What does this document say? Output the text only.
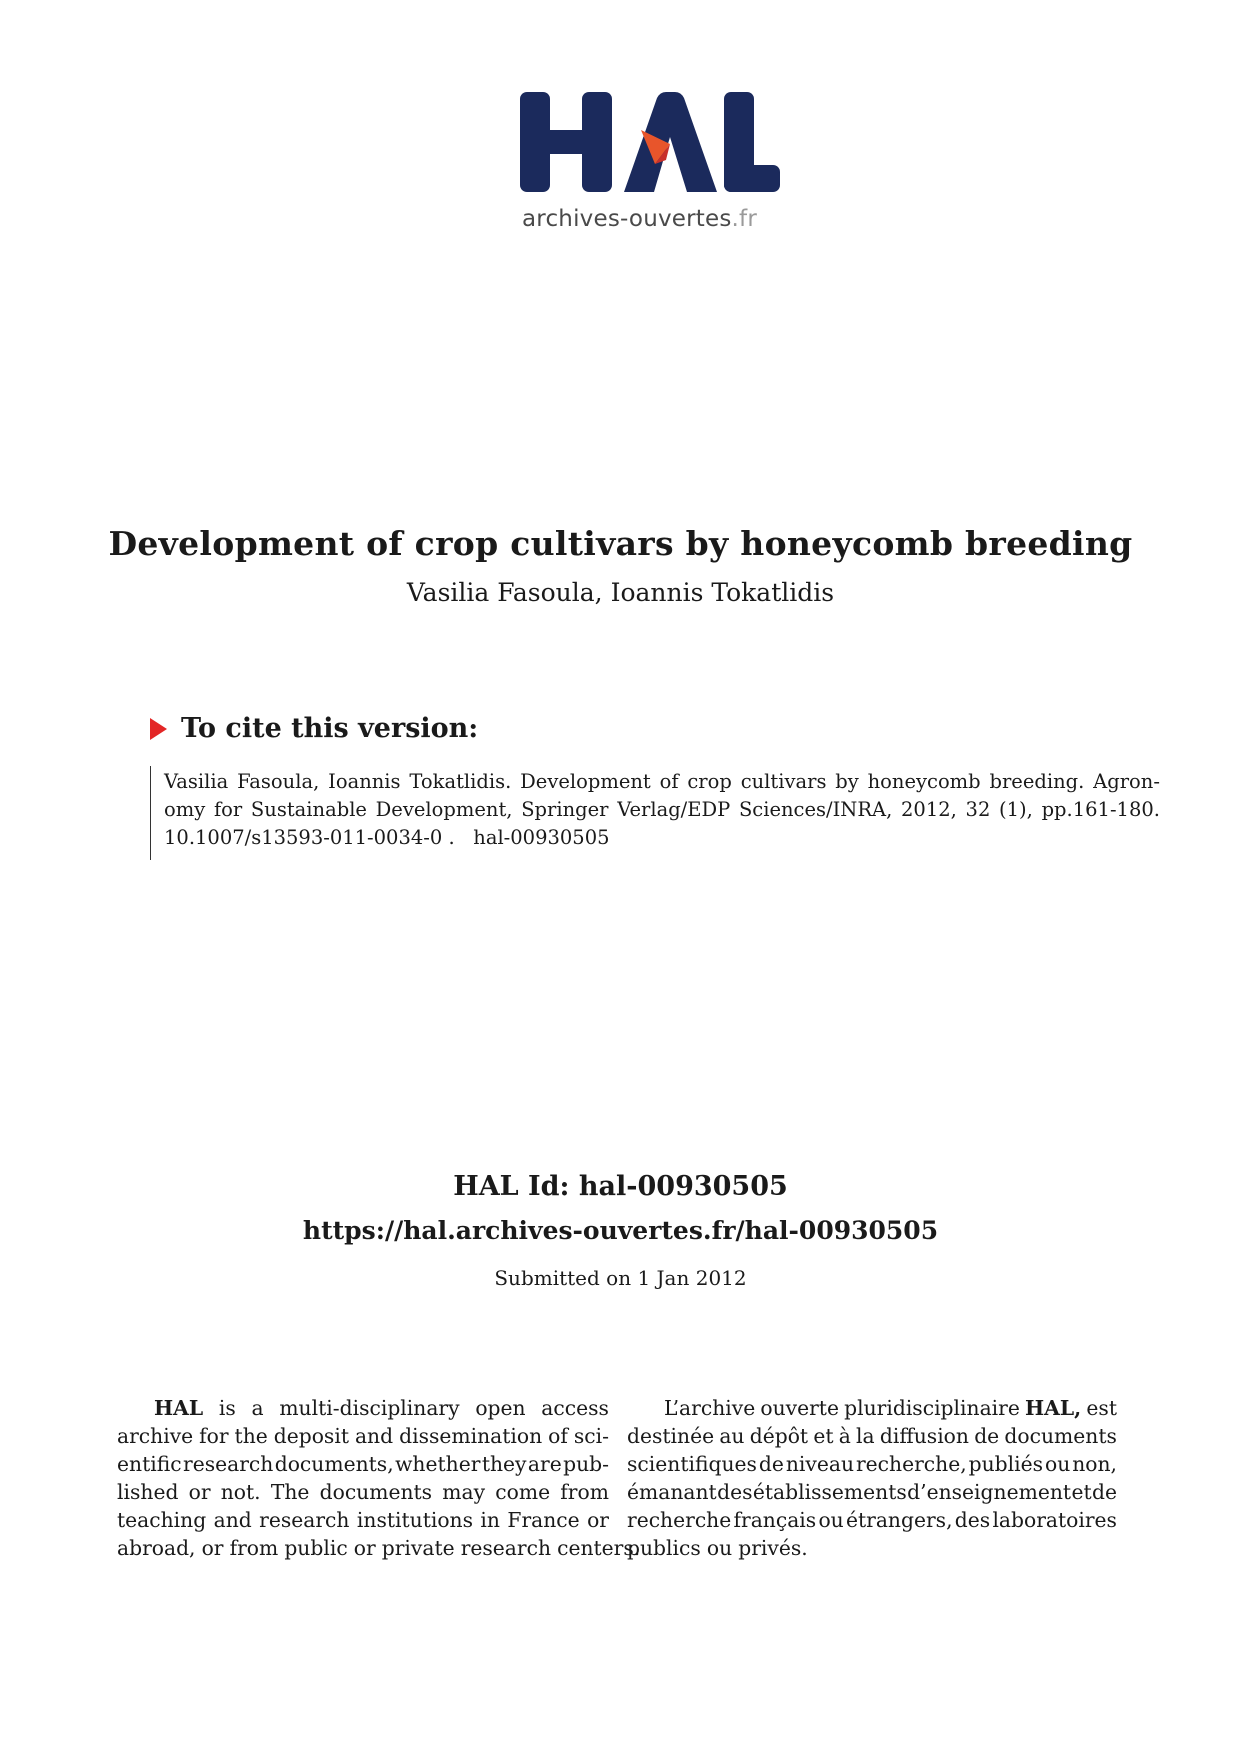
archives-ouvertes.fr
Development of crop cultivars by honeycomb breeding
Vasilia Fasoula, Ioannis Tokatlidis
To cite this version:
Vasilia Fasoula, Ioannis Tokatlidis. Development of crop cultivars by honeycomb breeding. Agron-
omy for Sustainable Development, Springer Verlag/EDP Sciences/INRA, 2012, 32 (1), pp.161-180.
10.1007/s13593-011-0034-0 .   hal-00930505
HAL Id: hal-00930505
https://hal.archives-ouvertes.fr/hal-00930505
Submitted on 1 Jan 2012
HAL is a multi-disciplinary open access
archive for the deposit and dissemination of sci-
entific research documents, whether they are pub-
lished or not. The documents may come from
teaching and research institutions in France or
abroad, or from public or private research centers.
L’archive ouverte pluridisciplinaire HAL, est
destinée au dépôt et à la diffusion de documents
scientifiques de niveau recherche, publiés ou non,
émanant des établissements d’enseignement et de
recherche français ou étrangers, des laboratoires
publics ou privés.
